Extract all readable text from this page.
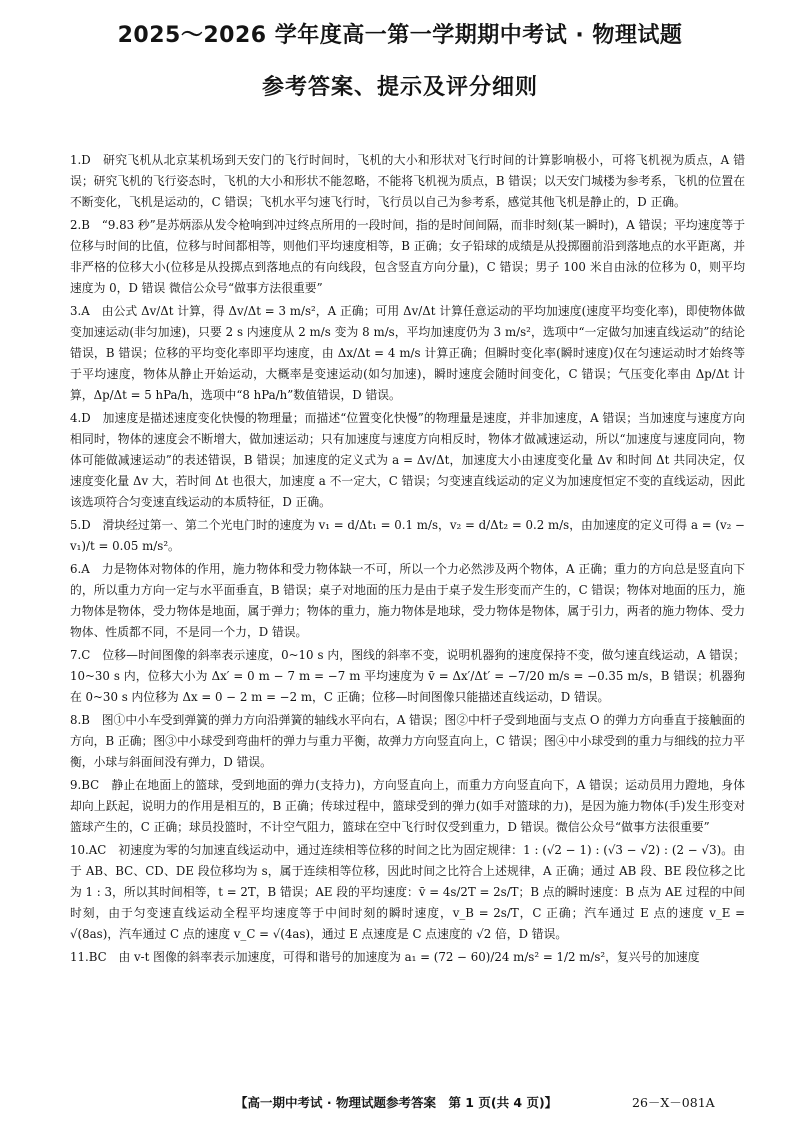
2025～2026 学年度高一第一学期期中考试 · 物理试题
参考答案、提示及评分细则

1.D　研究飞机从北京某机场到天安门的飞行时间时，飞机的大小和形状对飞行时间的计算影响极小，可将飞机视为质点，A 错误；研究飞机的飞行姿态时，飞机的大小和形状不能忽略，不能将飞机视为质点，B 错误；以天安门城楼为参考系，飞机的位置在不断变化，飞机是运动的，C 错误；飞机水平匀速飞行时，飞行员以自己为参考系，感觉其他飞机是静止的，D 正确。

2.B　“9.83 秒”是苏炳添从发令枪响到冲过终点所用的一段时间，指的是时间间隔，而非时刻(某一瞬时)，A 错误；平均速度等于位移与时间的比值，位移与时间都相等，则他们平均速度相等，B 正确；女子铅球的成绩是从投掷圈前沿到落地点的水平距离，并非严格的位移大小(位移是从投掷点到落地点的有向线段，包含竖直方向分量)，C 错误；男子 100 米自由泳的位移为 0，则平均速度为 0，D 错误 微信公众号“做事方法很重要”

3.A　由公式 Δv/Δt 计算，得 Δv/Δt = 3 m/s²，A 正确；可用 Δv/Δt 计算任意运动的平均加速度(速度平均变化率)，即使物体做变加速运动(非匀加速)，只要 2 s 内速度从 2 m/s 变为 8 m/s，平均加速度仍为 3 m/s²，选项中“一定做匀加速直线运动”的结论错误，B 错误；位移的平均变化率即平均速度，由 Δx/Δt = 4 m/s 计算正确；但瞬时变化率(瞬时速度)仅在匀速运动时才始终等于平均速度，物体从静止开始运动，大概率是变速运动(如匀加速)，瞬时速度会随时间变化，C 错误；气压变化率由 Δp/Δt 计算，Δp/Δt = 5 hPa/h，选项中“8 hPa/h”数值错误，D 错误。

4.D　加速度是描述速度变化快慢的物理量；而描述“位置变化快慢”的物理量是速度，并非加速度，A 错误；当加速度与速度方向相同时，物体的速度会不断增大，做加速运动；只有加速度与速度方向相反时，物体才做减速运动，所以“加速度与速度同向，物体可能做减速运动”的表述错误，B 错误；加速度的定义式为 a = Δv/Δt，加速度大小由速度变化量 Δv 和时间 Δt 共同决定，仅速度变化量 Δv 大，若时间 Δt 也很大，加速度 a 不一定大，C 错误；匀变速直线运动的定义为加速度恒定不变的直线运动，因此该选项符合匀变速直线运动的本质特征，D 正确。

5.D　滑块经过第一、第二个光电门时的速度为 v₁ = d/Δt₁ = 0.1 m/s，v₂ = d/Δt₂ = 0.2 m/s，由加速度的定义可得 a = (v₂ − v₁)/t = 0.05 m/s²。

6.A　力是物体对物体的作用，施力物体和受力物体缺一不可，所以一个力必然涉及两个物体，A 正确；重力的方向总是竖直向下的，所以重力方向一定与水平面垂直，B 错误；桌子对地面的压力是由于桌子发生形变而产生的，C 错误；物体对地面的压力，施力物体是物体，受力物体是地面，属于弹力；物体的重力，施力物体是地球，受力物体是物体，属于引力，两者的施力物体、受力物体、性质都不同，不是同一个力，D 错误。

7.C　位移—时间图像的斜率表示速度，0~10 s 内，图线的斜率不变，说明机器狗的速度保持不变，做匀速直线运动，A 错误；10~30 s 内，位移大小为 Δx′ = 0 m − 7 m = −7 m 平均速度为 v̄ = Δx′/Δt′ = −7/20 m/s = −0.35 m/s，B 错误；机器狗在 0~30 s 内位移为 Δx = 0 − 2 m = −2 m，C 正确；位移—时间图像只能描述直线运动，D 错误。

8.B　图①中小车受到弹簧的弹力方向沿弹簧的轴线水平向右，A 错误；图②中杆子受到地面与支点 O 的弹力方向垂直于接触面的方向，B 正确；图③中小球受到弯曲杆的弹力与重力平衡，故弹力方向竖直向上，C 错误；图④中小球受到的重力与细线的拉力平衡，小球与斜面间没有弹力，D 错误。

9.BC　静止在地面上的篮球，受到地面的弹力(支持力)，方向竖直向上，而重力方向竖直向下，A 错误；运动员用力蹬地，身体却向上跃起，说明力的作用是相互的，B 正确；传球过程中，篮球受到的弹力(如手对篮球的力)，是因为施力物体(手)发生形变对篮球产生的，C 正确；球员投篮时，不计空气阻力，篮球在空中飞行时仅受到重力，D 错误。微信公众号“做事方法很重要”

10.AC　初速度为零的匀加速直线运动中，通过连续相等位移的时间之比为固定规律：1 : (√2 − 1) : (√3 − √2) : (2 − √3)。由于 AB、BC、CD、DE 段位移均为 s，属于连续相等位移，因此时间之比符合上述规律，A 正确；通过 AB 段、BE 段位移之比为 1 : 3，所以其时间相等，t = 2T，B 错误；AE 段的平均速度：v̄ = 4s/2T = 2s/T；B 点的瞬时速度：B 点为 AE 过程的中间时刻，由于匀变速直线运动全程平均速度等于中间时刻的瞬时速度，v_B = 2s/T，C 正确；汽车通过 E 点的速度 v_E = √(8as)，汽车通过 C 点的速度 v_C = √(4as)，通过 E 点速度是 C 点速度的 √2 倍，D 错误。

11.BC　由 v-t 图像的斜率表示加速度，可得和谐号的加速度为 a₁ = (72 − 60)/24 m/s² = 1/2 m/s²，复兴号的加速度

【高一期中考试 · 物理试题参考答案　第 1 页(共 4 页)】	26－X－081A
